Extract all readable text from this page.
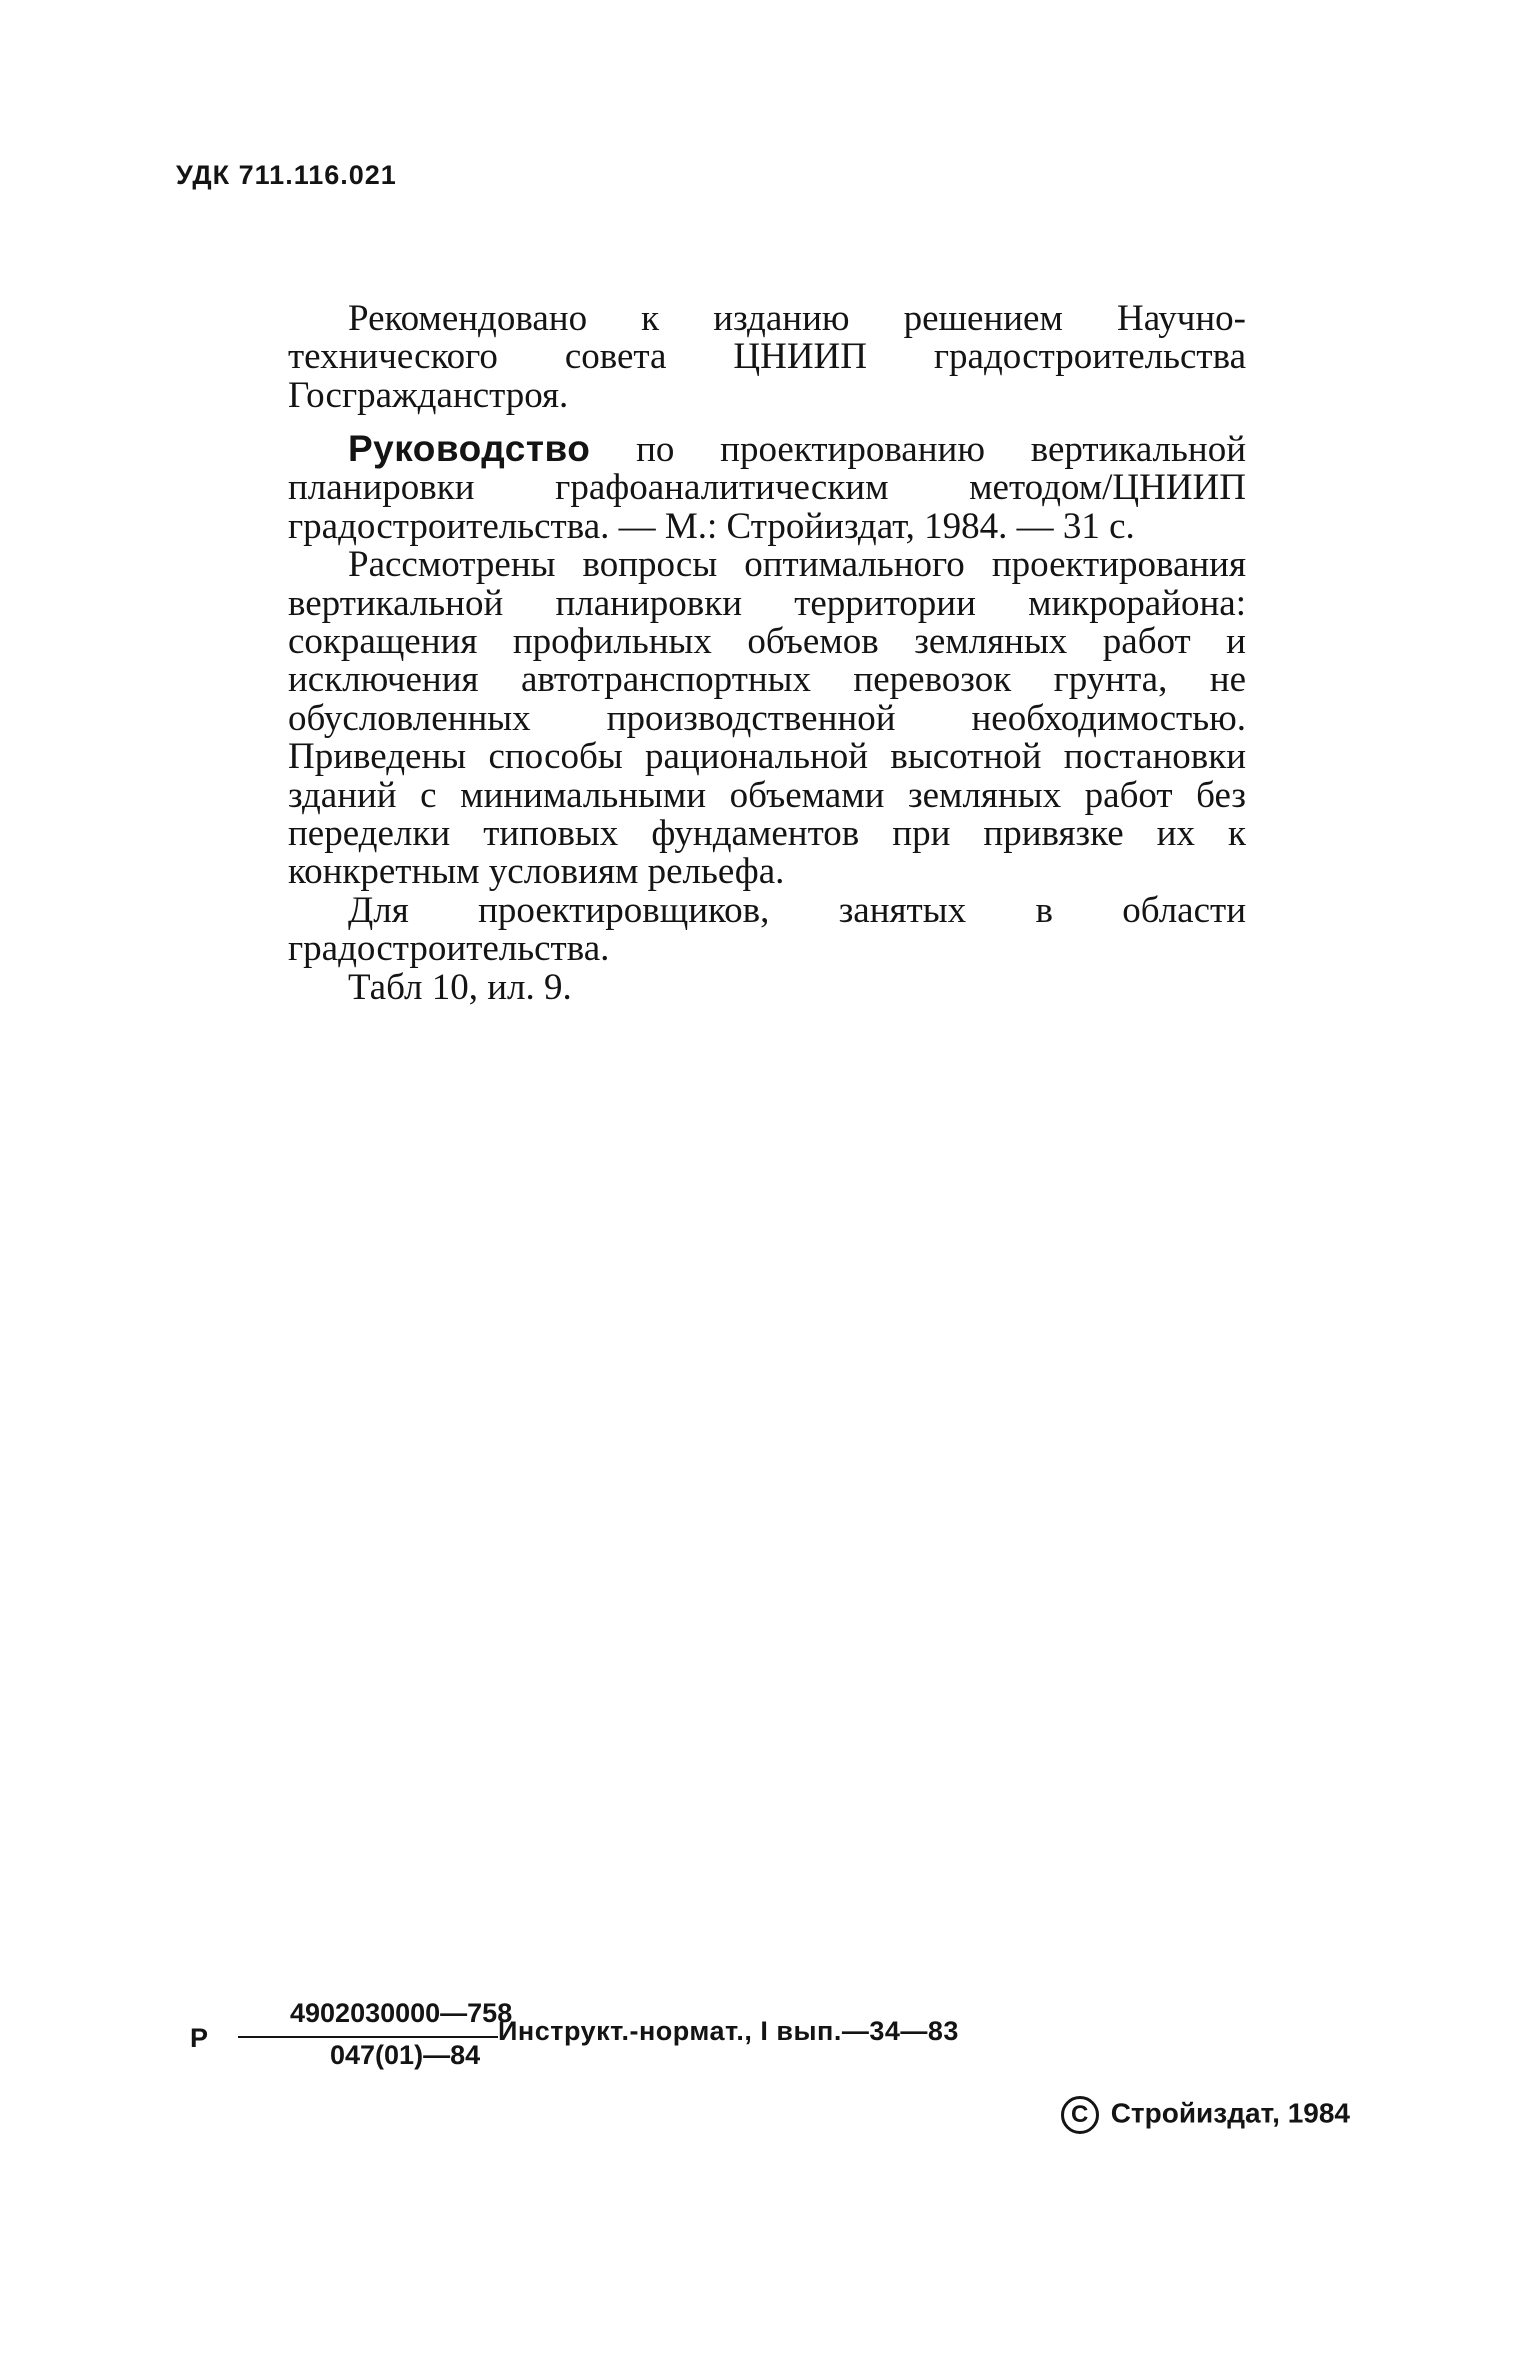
УДК 711.116.021
Рекомендовано к изданию решением Научно-технического совета ЦНИИП градостроительства Госгражданстроя.

Руководство по проектированию вертикальной планировки графоаналитическим методом/ЦНИИП градостроительства. — М.: Стройиздат, 1984. — 31 с.

Рассмотрены вопросы оптимального проектирования вертикальной планировки территории микрорайона: сокращения профильных объемов земляных работ и исключения автотранспортных перевозок грунта, не обусловленных производственной необходимостью. Приведены способы рациональной высотной постановки зданий с минимальными объемами земляных работ без переделки типовых фундаментов при привязке их к конкретным условиям рельефа.

Для проектировщиков, занятых в области градостроительства.

Табл 10, ил. 9.

Р
4902030000—758
047(01)—84
Инструкт.-нормат., I вып.—34—83
C Стройиздат, 1984
